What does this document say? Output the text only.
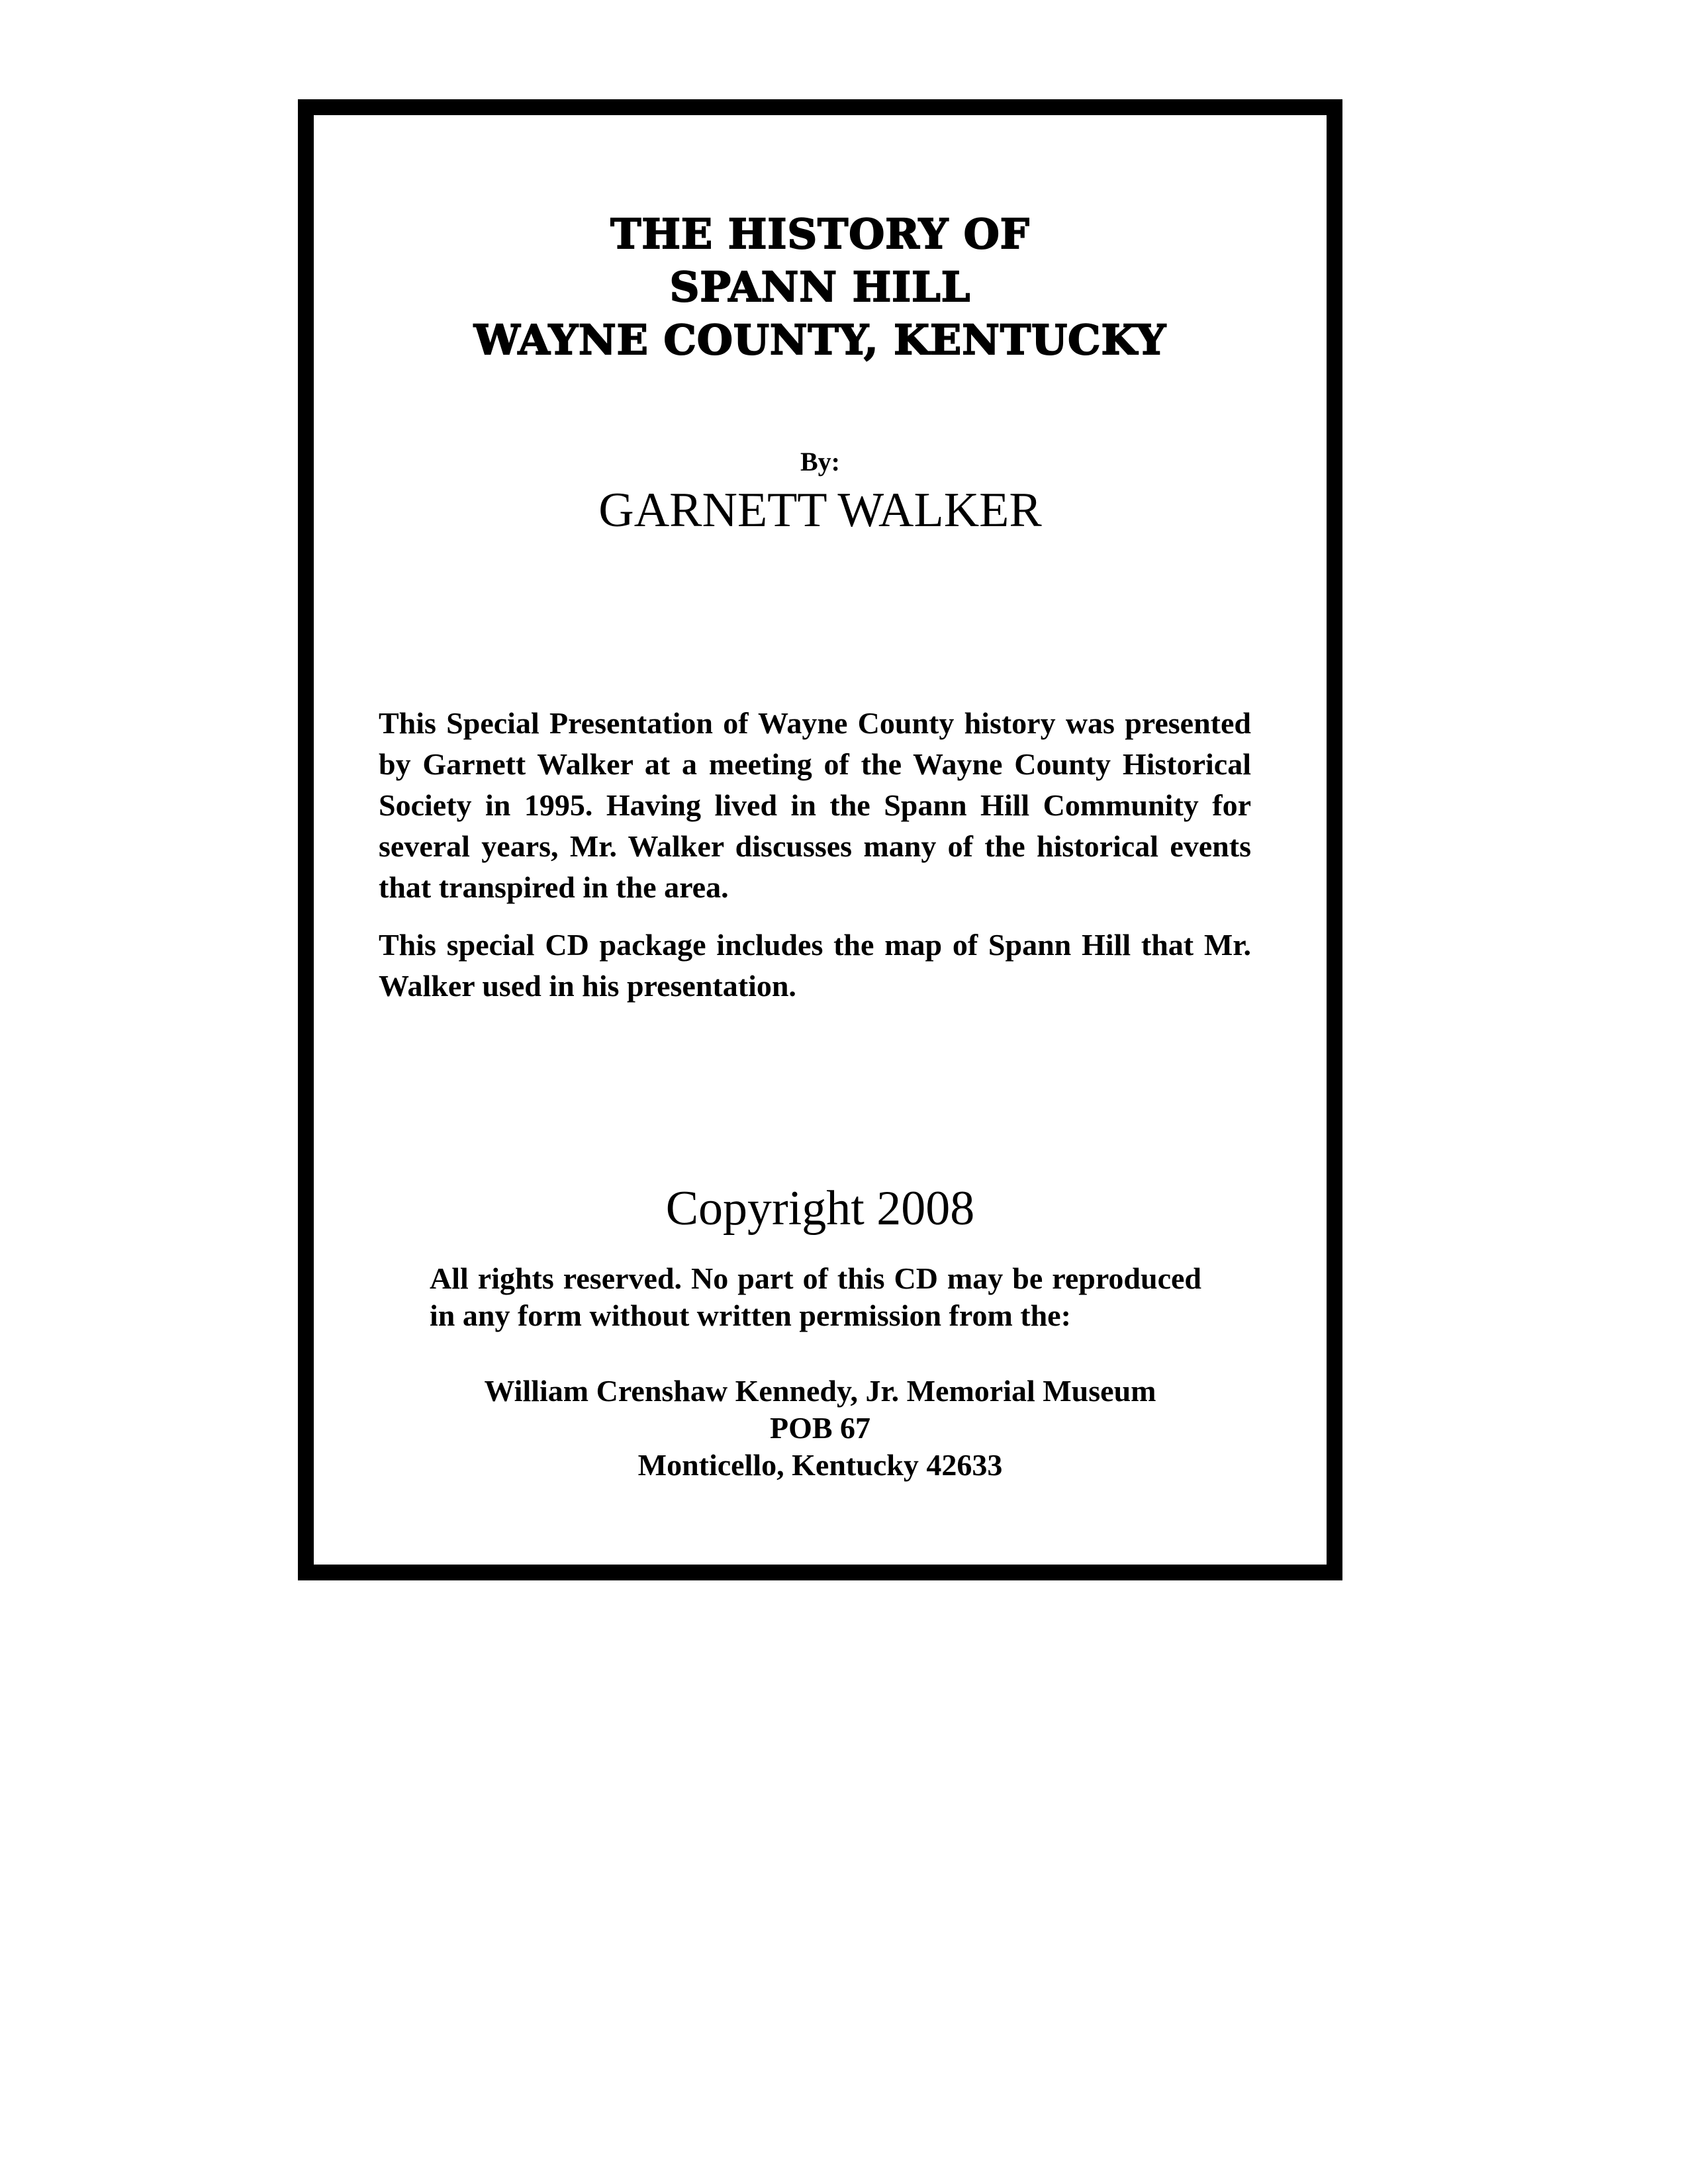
THE HISTORY OF
SPANN HILL
WAYNE COUNTY, KENTUCKY
By:
GARNETT WALKER

This Special Presentation of Wayne County history was presented by Garnett Walker at a meeting of the Wayne County Historical Society in 1995. Having lived in the Spann Hill Community for several years, Mr. Walker discusses many of the historical events that transpired in the area.

This special CD package includes the map of Spann Hill that Mr. Walker used in his presentation.

Copyright 2008

All rights reserved. No part of this CD may be reproduced in any form without written permission from the:

William Crenshaw Kennedy, Jr. Memorial Museum
POB 67
Monticello, Kentucky 42633
